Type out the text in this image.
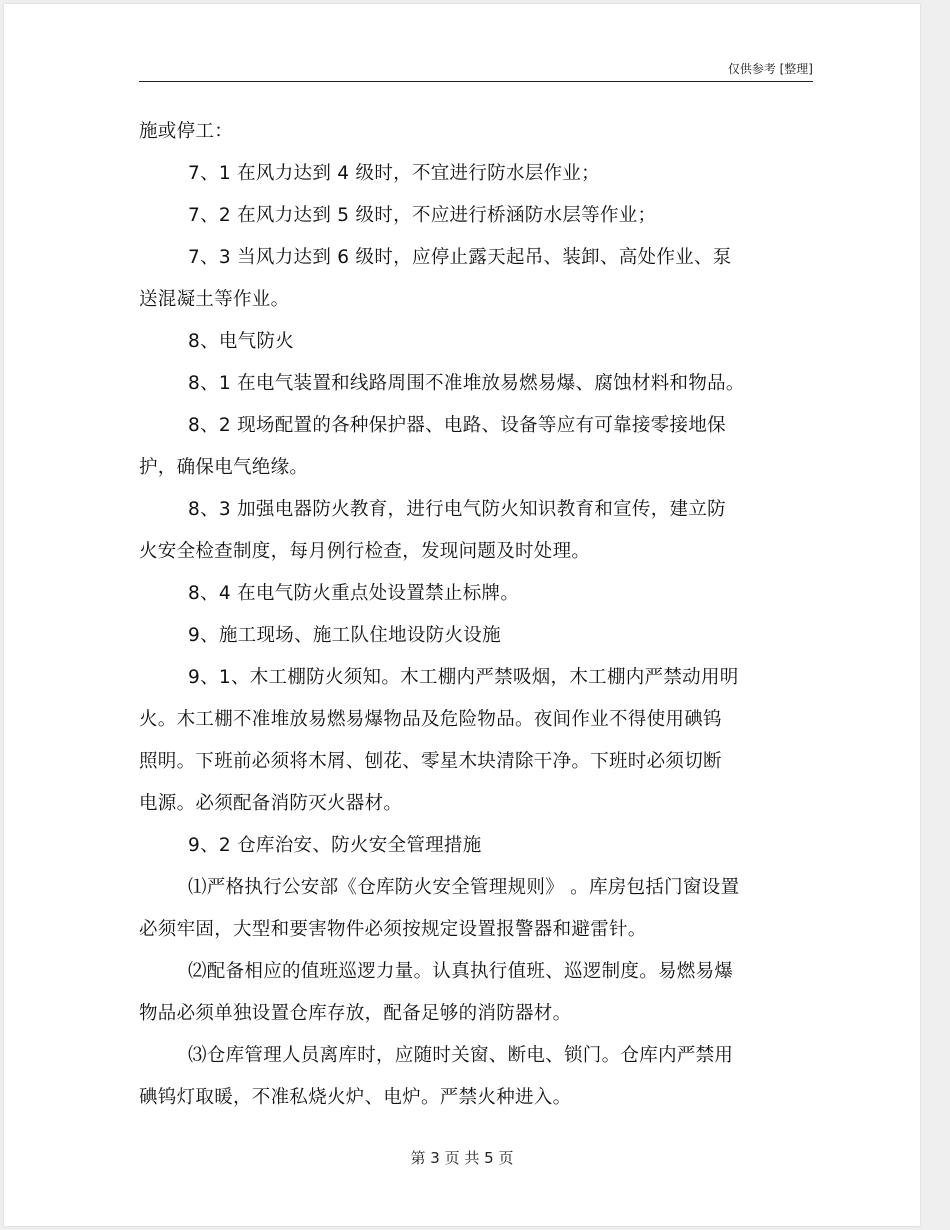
仅供参考 [整理]

施或停工：

7、1 在风力达到 4 级时，不宜进行防水层作业；

7、2 在风力达到 5 级时，不应进行桥涵防水层等作业；

7、3 当风力达到 6 级时，应停止露天起吊、装卸、高处作业、泵

送混凝土等作业。

8、电气防火

8、1 在电气装置和线路周围不准堆放易燃易爆、腐蚀材料和物品。

8、2 现场配置的各种保护器、电路、设备等应有可靠接零接地保

护，确保电气绝缘。

8、3 加强电器防火教育，进行电气防火知识教育和宣传，建立防

火安全检查制度，每月例行检查，发现问题及时处理。

8、4 在电气防火重点处设置禁止标牌。

9、施工现场、施工队住地设防火设施

9、1、木工棚防火须知。木工棚内严禁吸烟，木工棚内严禁动用明

火。木工棚不准堆放易燃易爆物品及危险物品。夜间作业不得使用碘钨

照明。下班前必须将木屑、刨花、零星木块清除干净。下班时必须切断

电源。必须配备消防灭火器材。

9、2 仓库治安、防火安全管理措施

⑴严格执行公安部《仓库防火安全管理规则》 。库房包括门窗设置

必须牢固，大型和要害物件必须按规定设置报警器和避雷针。

⑵配备相应的值班巡逻力量。认真执行值班、巡逻制度。易燃易爆

物品必须单独设置仓库存放，配备足够的消防器材。

⑶仓库管理人员离库时，应随时关窗、断电、锁门。仓库内严禁用

碘钨灯取暖，不准私烧火炉、电炉。严禁火种进入。

第 3 页 共 5 页
